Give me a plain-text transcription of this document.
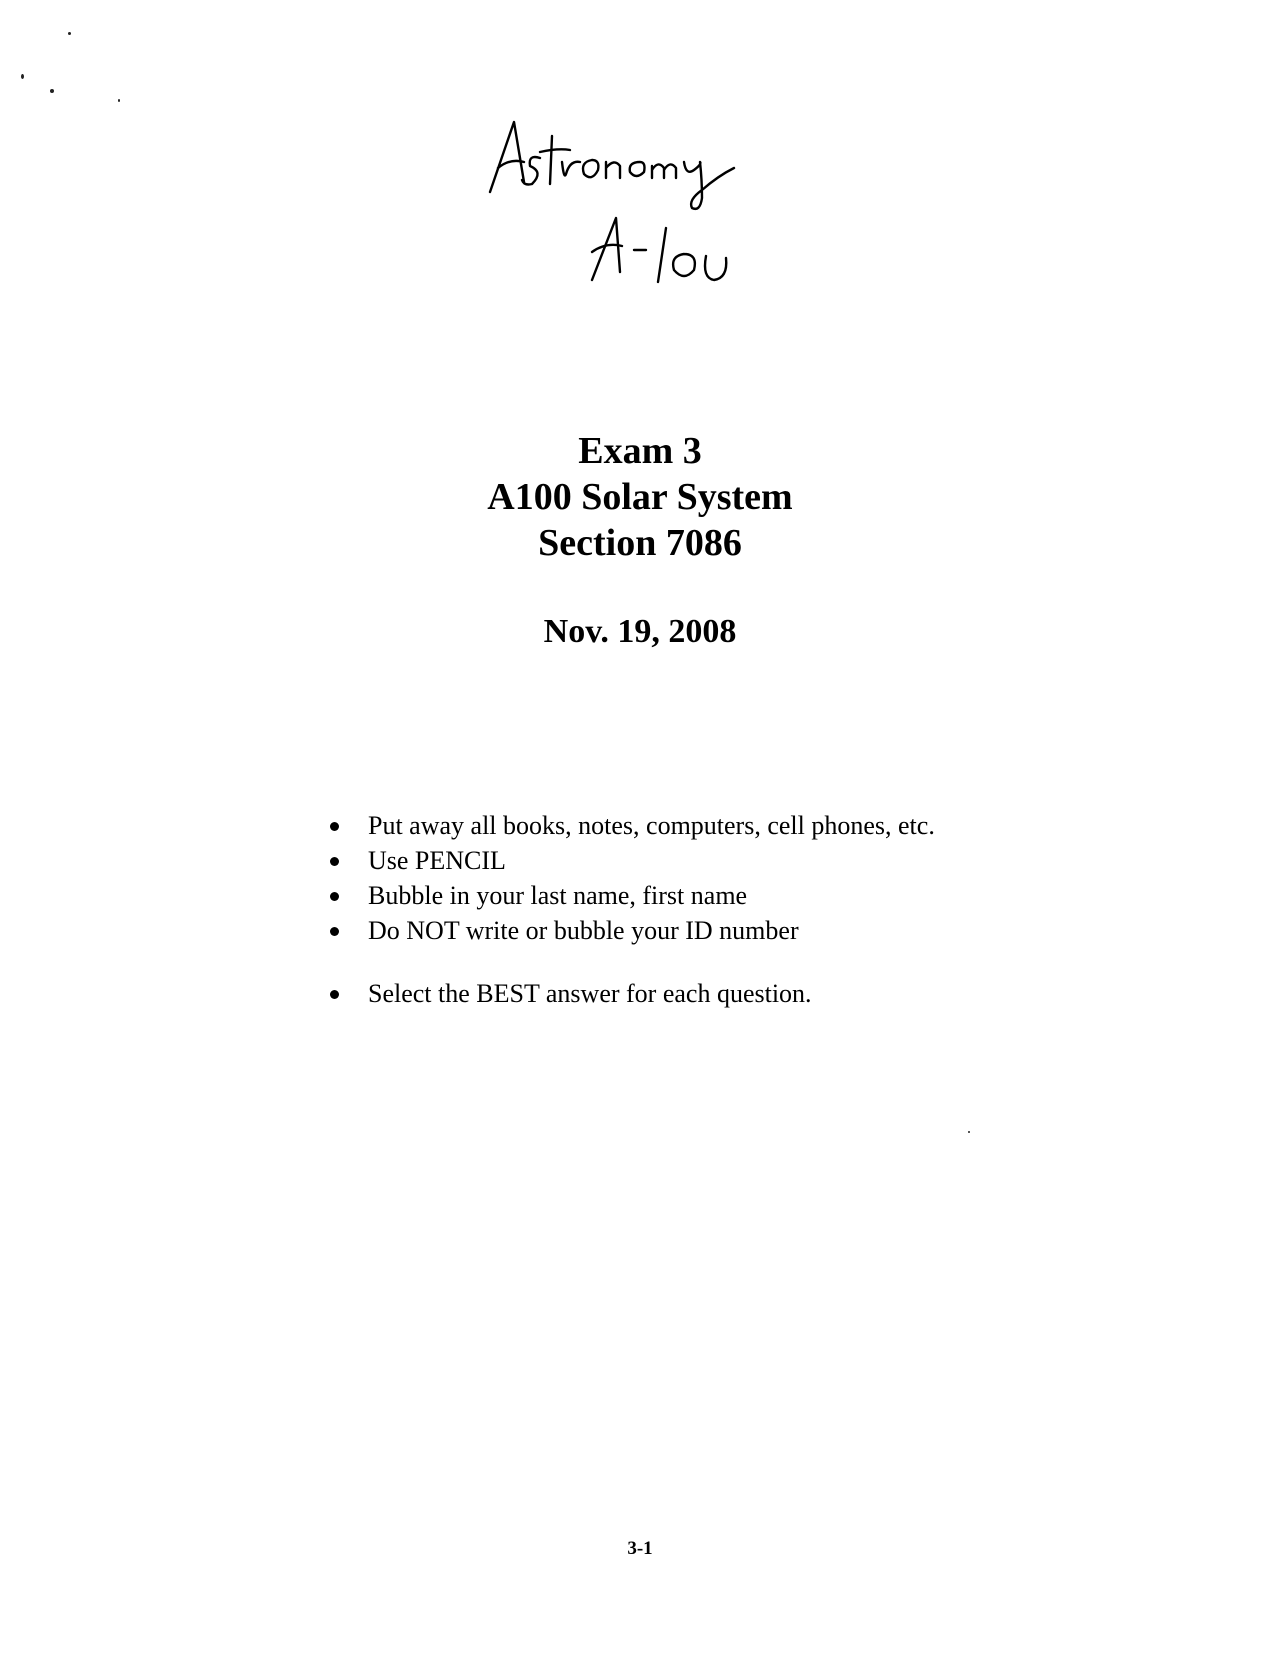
Exam 3
A100 Solar System
Section 7086
Nov. 19, 2008
Put away all books, notes, computers, cell phones, etc.
Use PENCIL
Bubble in your last name, first name
Do NOT write or bubble your ID number
Select the BEST answer for each question.
3-1
